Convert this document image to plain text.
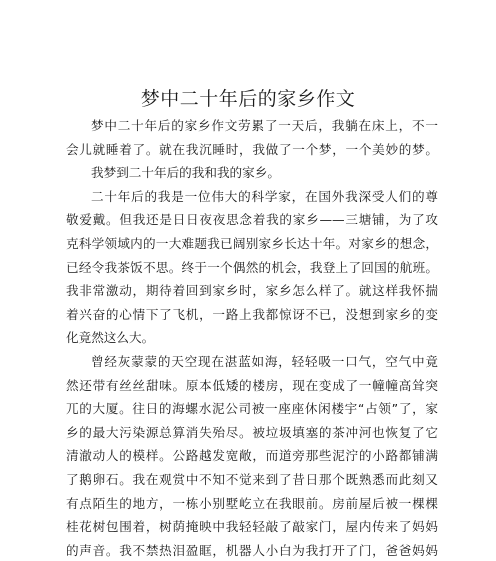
梦中二十年后的家乡作文
梦中二十年后的家乡作文劳累了一天后，我躺在床上，不一
会儿就睡着了。就在我沉睡时，我做了一个梦，一个美妙的梦。
我梦到二十年后的我和我的家乡。
二十年后的我是一位伟大的科学家，在国外我深受人们的尊
敬爱戴。但我还是日日夜夜思念着我的家乡——三塘铺，为了攻
克科学领域内的一大难题我已阔别家乡长达十年。对家乡的想念，
已经令我茶饭不思。终于一个偶然的机会，我登上了回国的航班。
我非常激动，期待着回到家乡时，家乡怎么样了。就这样我怀揣
着兴奋的心情下了飞机，一路上我都惊讶不已，没想到家乡的变
化竟然这么大。
曾经灰蒙蒙的天空现在湛蓝如海，轻轻吸一口气，空气中竟
然还带有丝丝甜味。原本低矮的楼房，现在变成了一幢幢高耸突
兀的大厦。往日的海螺水泥公司被一座座休闲楼宇“占领”了，家
乡的最大污染源总算消失殆尽。被垃圾填塞的茶冲河也恢复了它
清澈动人的模样。公路越发宽敞，而道旁那些泥泞的小路都铺满
了鹅卵石。我在观赏中不知不觉来到了昔日那个既熟悉而此刻又
有点陌生的地方，一栋小别墅屹立在我眼前。房前屋后被一棵棵
桂花树包围着，树荫掩映中我轻轻敲了敲家门，屋内传来了妈妈
的声音。我不禁热泪盈眶，机器人小白为我打开了门，爸爸妈妈
